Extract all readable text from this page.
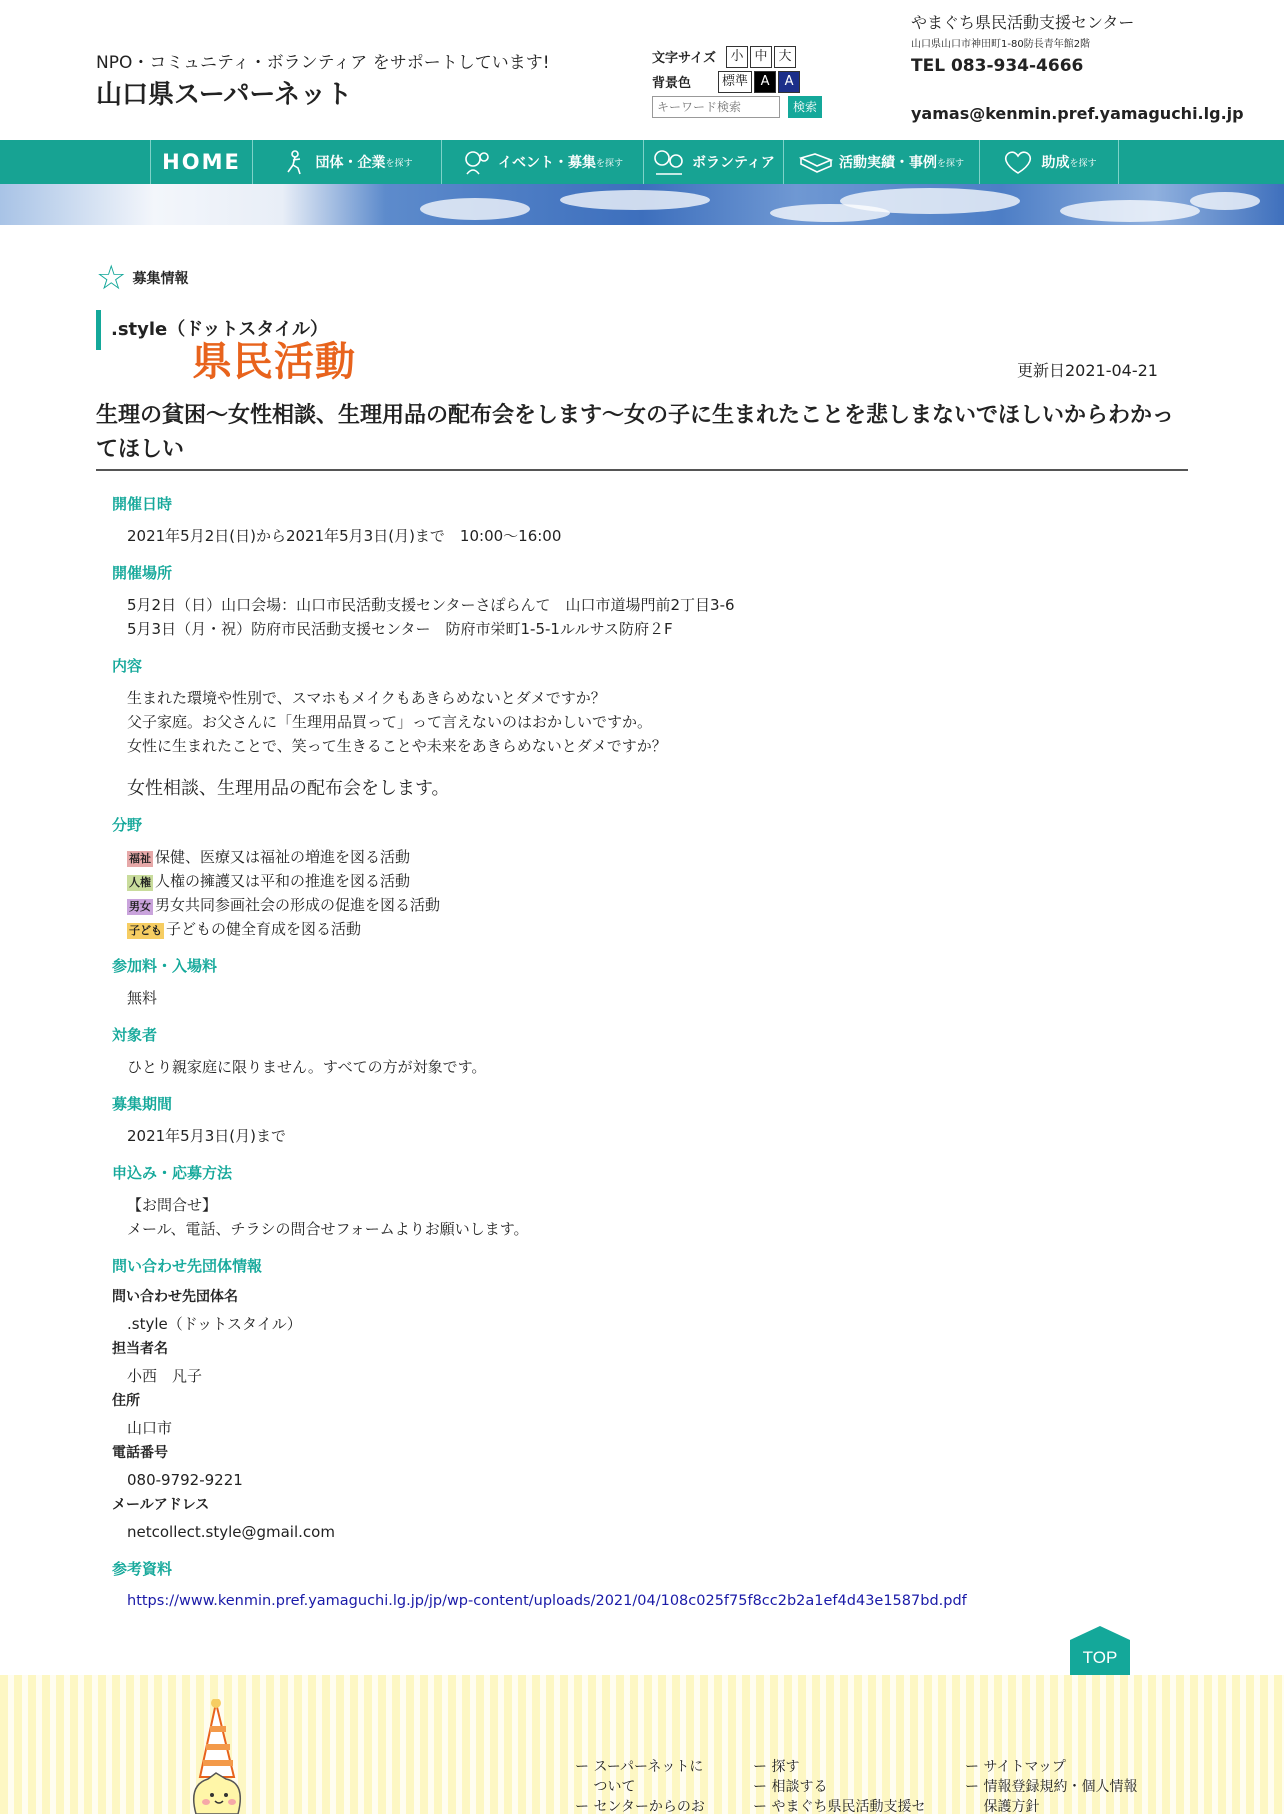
NPO・コミュニティ・ボランティア をサポートしています!
山口県
県民活動
スーパーネット
文字サイズ	小 中 大
背景色	標準 A	A
キーワード検索
検索
やまぐち県民活動支援センター
山口県山口市神田町1-80防長青年館2階
TEL 083-934-4666
yamas@kenmin.pref.yamaguchi.lg.jp
HOME	団体・企業 を探す	イベント・募集 を探す	ボランティア	活動実績・事例 を探す	助成 を探す
☆ 募集情報
.style（ドットスタイル）
更新日2021-04-21
生理の貧困〜女性相談、生理用品の配布会をします〜女の子に生まれたことを悲しまないでほしいからわかってほしい
開催日時
2021年5月2日(日)から2021年5月3日(月)まで　10:00〜16:00
開催場所
5月2日（日）山口会場：山口市民活動支援センターさぽらんて　山口市道場門前2丁目3-6
5月3日（月・祝）防府市民活動支援センター　防府市栄町1-5-1ルルサス防府２F
内容
生まれた環境や性別で、スマホもメイクもあきらめないとダメですか？
父子家庭。お父さんに「生理用品買って」って言えないのはおかしいですか。
女性に生まれたことで、笑って生きることや未来をあきらめないとダメですか？
女性相談、生理用品の配布会をします。
分野
福祉 保健、医療又は福祉の増進を図る活動
人権 人権の擁護又は平和の推進を図る活動
男女 男女共同参画社会の形成の促進を図る活動
子ども 子どもの健全育成を図る活動
参加料・入場料
無料
対象者
ひとり親家庭に限りません。すべての方が対象です。
募集期間
2021年5月3日(月)まで
申込み・応募方法
【お問合せ】
メール、電話、チラシの問合せフォームよりお願いします。
問い合わせ先団体情報
問い合わせ先団体名
.style（ドットスタイル）
担当者名
小西　凡子
住所
山口市
電話番号
080-9792-9221
メールアドレス
netcollect.style@gmail.com
参考資料
https://www.kenmin.pref.yamaguchi.lg.jp/jp/wp-content/uploads/2021/04/108c025f75f8cc2b2a1ef4d43e1587bd.pdf
TOP
ー スーパーネットに
　 ついて
ー センターからのお
ー 探す
ー 相談する
ー やまぐち県民活動支援セ
ー サイトマップ
ー 情報登録規約・個人情報
　 保護方針
